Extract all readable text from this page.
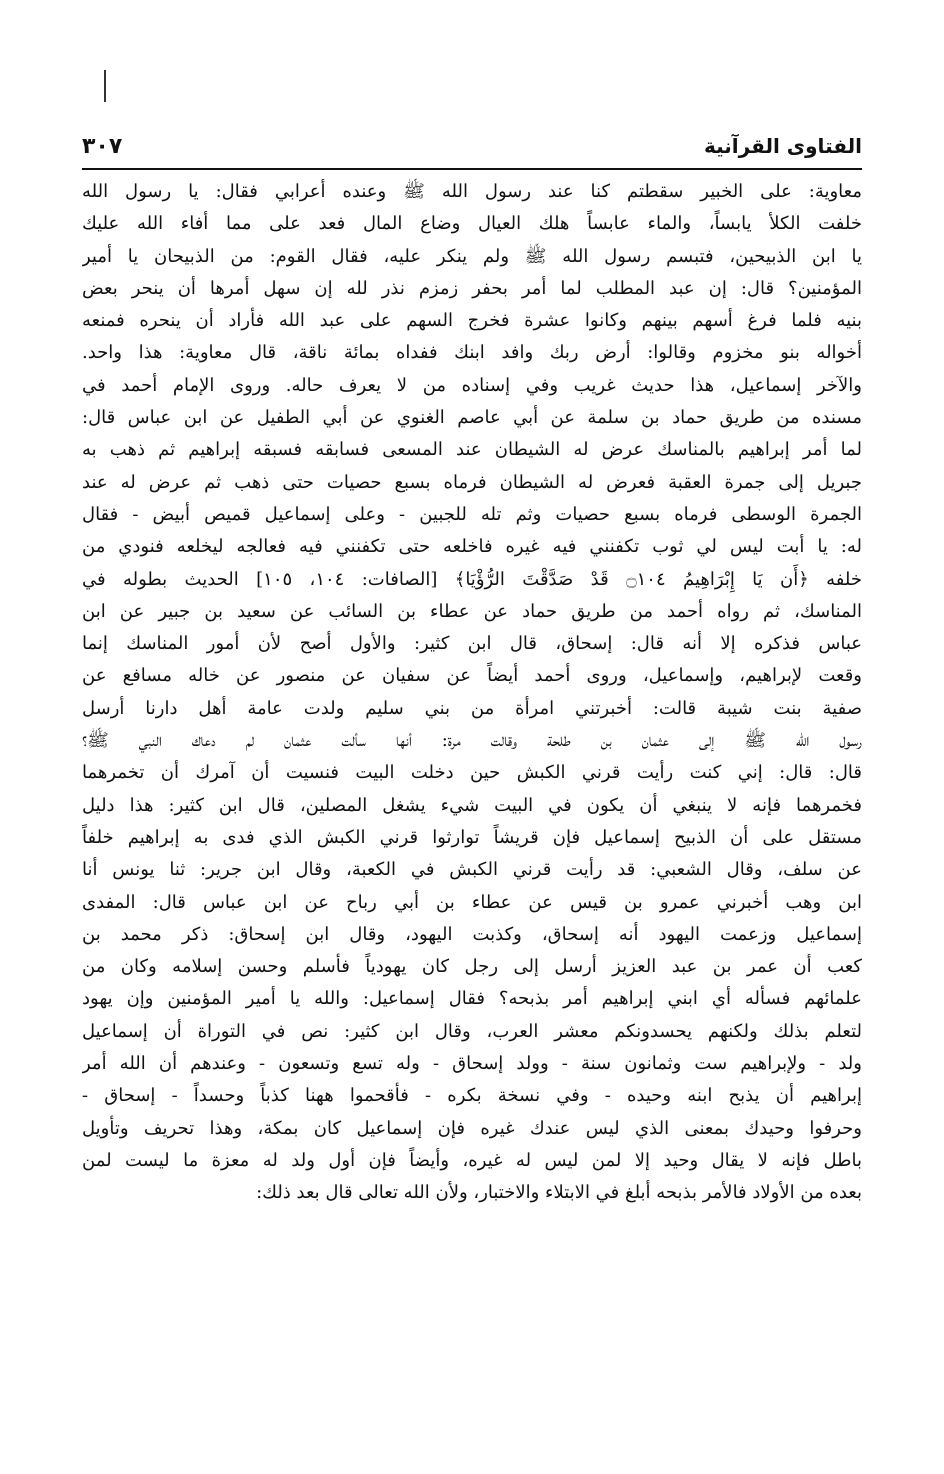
الفتاوى القرآنية
٣٠٧
معاوية: على الخبير سقطتم كنا عند رسول الله ﷺ وعنده أعرابي فقال: يا رسول الله
خلفت الكلأ يابساً، والماء عابساً هلك العيال وضاع المال فعد على مما أفاء الله عليك
يا ابن الذبيحين، فتبسم رسول الله ﷺ ولم ينكر عليه، فقال القوم: من الذبيحان يا أمير
المؤمنين؟ قال: إن عبد المطلب لما أمر بحفر زمزم نذر لله إن سهل أمرها أن ينحر بعض
بنيه فلما فرغ أسهم بينهم وكانوا عشرة فخرج السهم على عبد الله فأراد أن ينحره فمنعه
أخواله بنو مخزوم وقالوا: أرض ربك وافد ابنك ففداه بمائة ناقة، قال معاوية: هذا واحد.
والآخر إسماعيل، هذا حديث غريب وفي إسناده من لا يعرف حاله. وروى الإمام أحمد في
مسنده من طريق حماد بن سلمة عن أبي عاصم الغنوي عن أبي الطفيل عن ابن عباس قال:
لما أمر إبراهيم بالمناسك عرض له الشيطان عند المسعى فسابقه فسبقه إبراهيم ثم ذهب به
جبريل إلى جمرة العقبة فعرض له الشيطان فرماه بسبع حصيات حتى ذهب ثم عرض له عند
الجمرة الوسطى فرماه بسبع حصيات وثم تله للجبين - وعلى إسماعيل قميص أبيض - فقال
له: يا أبت ليس لي ثوب تكفنني فيه غيره فاخلعه حتى تكفنني فيه فعالجه ليخلعه فنودي من
خلفه ﴿أَن يَا إِبْرَاهِيمُ ۝١٠٤ قَدْ صَدَّقْتَ الرُّؤْيَا﴾ [الصافات: ١٠٤، ١٠٥] الحديث بطوله في
المناسك، ثم رواه أحمد من طريق حماد عن عطاء بن السائب عن سعيد بن جبير عن ابن
عباس فذكره إلا أنه قال: إسحاق، قال ابن كثير: والأول أصح لأن أمور المناسك إنما
وقعت لإبراهيم، وإسماعيل، وروى أحمد أيضاً عن سفيان عن منصور عن خاله مسافع عن
صفية بنت شيبة قالت: أخبرتني امرأة من بني سليم ولدت عامة أهل دارنا أرسل
رسول الله ﷺ إلى عثمان بن طلحة وقالت مرة: أنها سألت عثمان لم دعاك النبي ﷺ؟
قال: قال: إني كنت رأيت قرني الكبش حين دخلت البيت فنسيت أن آمرك أن تخمرهما
فخمرهما فإنه لا ينبغي أن يكون في البيت شيء يشغل المصلين، قال ابن كثير: هذا دليل
مستقل على أن الذبيح إسماعيل فإن قريشاً توارثوا قرني الكبش الذي فدى به إبراهيم خلفاً
عن سلف، وقال الشعبي: قد رأيت قرني الكبش في الكعبة، وقال ابن جرير: ثنا يونس أنا
ابن وهب أخبرني عمرو بن قيس عن عطاء بن أبي رباح عن ابن عباس قال: المفدى
إسماعيل وزعمت اليهود أنه إسحاق، وكذبت اليهود، وقال ابن إسحاق: ذكر محمد بن
كعب أن عمر بن عبد العزيز أرسل إلى رجل كان يهودياً فأسلم وحسن إسلامه وكان من
علمائهم فسأله أي ابني إبراهيم أمر بذبحه؟ فقال إسماعيل: والله يا أمير المؤمنين وإن يهود
لتعلم بذلك ولكنهم يحسدونكم معشر العرب، وقال ابن كثير: نص في التوراة أن إسماعيل
ولد - ولإبراهيم ست وثمانون سنة - وولد إسحاق - وله تسع وتسعون - وعندهم أن الله أمر
إبراهيم أن يذبح ابنه وحيده - وفي نسخة بكره - فأقحموا ههنا كذباً وحسداً - إسحاق -
وحرفوا وحيدك بمعنى الذي ليس عندك غيره فإن إسماعيل كان بمكة، وهذا تحريف وتأويل
باطل فإنه لا يقال وحيد إلا لمن ليس له غيره، وأيضاً فإن أول ولد له معزة ما ليست لمن
بعده من الأولاد فالأمر بذبحه أبلغ في الابتلاء والاختبار، ولأن الله تعالى قال بعد ذلك:
